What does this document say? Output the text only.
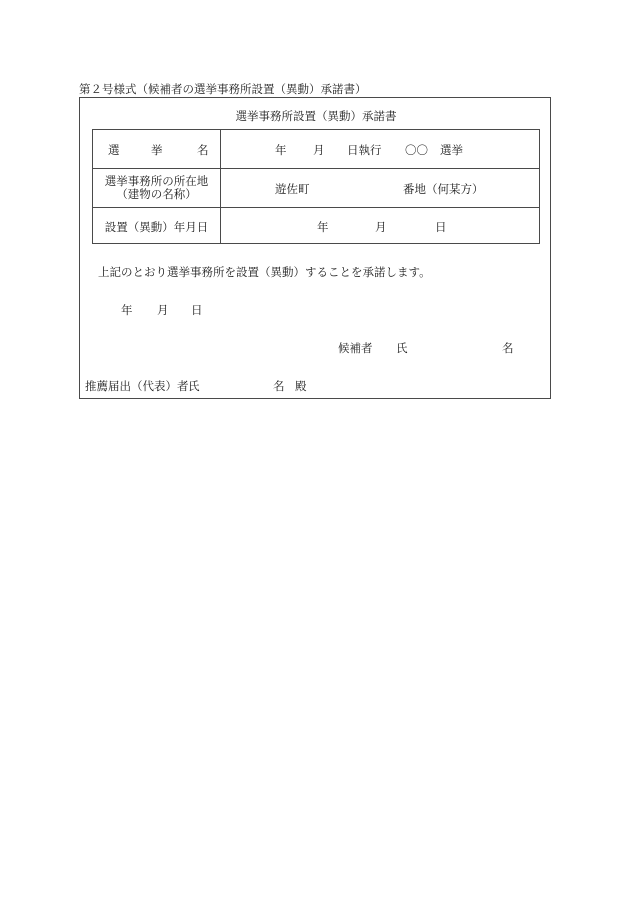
第２号様式（候補者の選挙事務所設置（異動）承諾書）
選挙事務所設置（異動）承諾書
選 挙 名	年 月 日執行 〇〇 選挙

選挙事務所の所在地
（建物の名称）	遊佐町 番地（何某方）

設置（異動）年月日	年 月 日
上記のとおり選挙事務所を設置（異動）することを承諾します。
年 月 日
候補者 氏	名
推薦届出（代表）者 氏	名 殿
